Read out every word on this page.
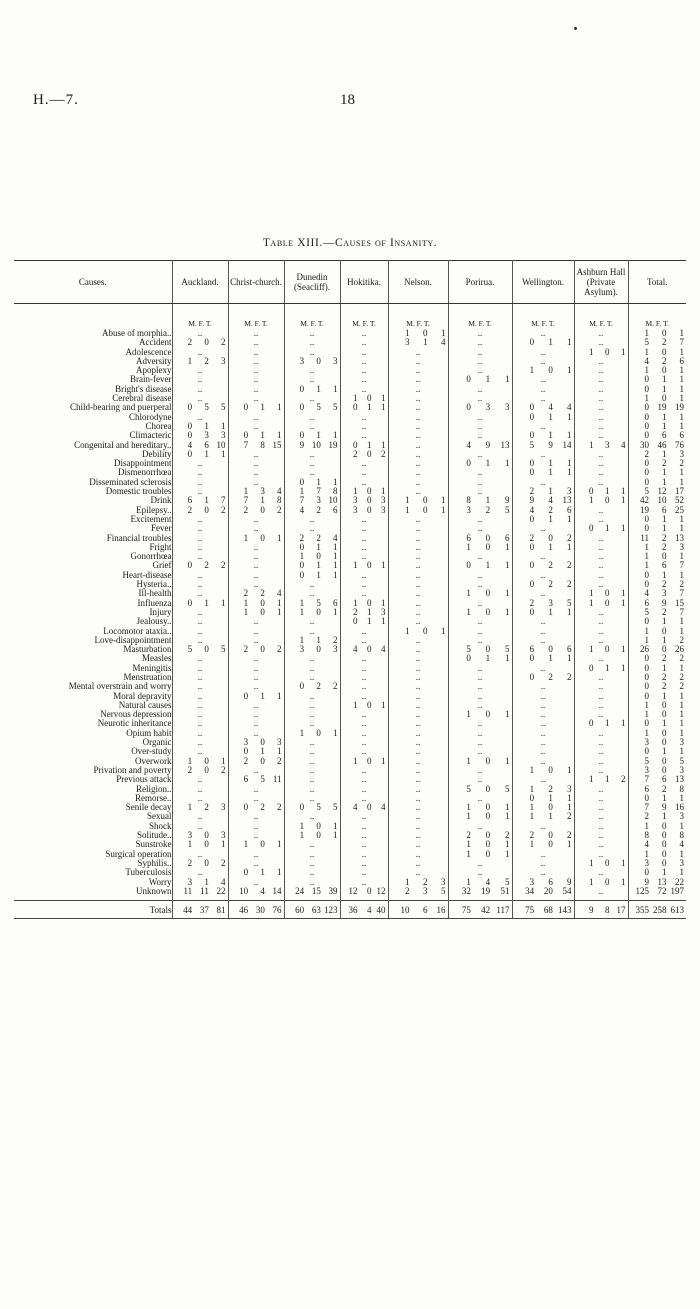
H.—7.	18
Table XIII.—Causes of Insanity.
Causes.	Auckland.	Christ-church.	Dunedin (Seacliff).	Hokitika.	Nelson.	Porirua.	Wellington.	Ashburn Hall (Private Asylum).	Total.
	M. F. T.	M. F. T.	M. F. T.	M. F. T.	M. F. T.	M. F. T.	M. F. T.	M. F. T.	M. F. T.
Abuse of morphia..	..	..	..	..	1 0 1	..	..	..	1 0 1

Accident	2 0 2	..	..	..	3 1 4	..	0 1 1	..	5 2 7

Adolescence	..	..	..	..	..	..	..	1 0 1	1 0 1

Adversity	1 2 3	..	3 0 3	..	..	..	..	..	4 2 6

Apoplexy	..	..	..	..	..	..	1 0 1	..	1 0 1

Brain-fever	..	..	..	..	..	0 1 1	..	..	0 1 1

Bright's disease	..	..	0 1 1	..	..	..	..	..	0 1 1

Cerebral disease	..	..	..	1 0 1	..	..	..	..	1 0 1

Child-bearing and puerperal	0 5 5	0 1 1	0 5 5	0 1 1	..	0 3 3	0 4 4	..	0 19 19

Chlorodyne	..	..	..	..	..	..	0 1 1	..	0 1 1

Chorea	0 1 1	..	..	..	..	..	..	..	0 1 1

Climacteric	0 3 3	0 1 1	0 1 1	..	..	..	0 1 1	..	0 6 6

Congenital and hereditary..	4 6 10	7 8 15	9 10 19	0 1 1	..	4 9 13	5 9 14	1 3 4	30 46 76

Debility	0 1 1	..	..	2 0 2	..	..	..	..	2 1 3

Disappointment	..	..	..	..	..	0 1 1	0 1 1	..	0 2 2

Dismenorrhœa	..	..	..	..	..	..	0 1 1	..	0 1 1

Disseminated sclerosis	..	..	0 1 1	..	..	..	..	..	0 1 1

Domestic troubles	..	1 3 4	1 7 8	1 0 1	..	..	2 1 3	0 1 1	5 12 17

Drink	6 1 7	7 1 8	7 3 10	3 0 3	1 0 1	8 1 9	9 4 13	1 0 1	42 10 52

Epilepsy..	2 0 2	2 0 2	4 2 6	3 0 3	1 0 1	3 2 5	4 2 6	..	19 6 25

Excitement	..	..	..	..	..	..	0 1 1	..	0 1 1

Fever	..	..	..	..	..	..	..	0 1 1	0 1 1

Financial troubles	..	1 0 1	2 2 4	..	..	6 0 6	2 0 2	..	11 2 13

Fright	..	..	0 1 1	..	..	1 0 1	0 1 1	..	1 2 3

Gonorrhœa	..	..	1 0 1	..	..	..	..	..	1 0 1

Grief	0 2 2	..	0 1 1	1 0 1	..	0 1 1	0 2 2	..	1 6 7

Heart-disease	..	..	0 1 1	..	..	..	..	..	0 1 1

Hysteria..	..	..	..	..	..	..	0 2 2	..	0 2 2

Ill-health	..	2 2 4	..	..	..	1 0 1	..	1 0 1	4 3 7

Influenza	0 1 1	1 0 1	1 5 6	1 0 1	..	..	2 3 5	1 0 1	6 9 15

Injury	..	1 0 1	1 0 1	2 1 3	..	1 0 1	0 1 1	..	5 2 7

Jealousy..	..	..	..	0 1 1	..	..	..	..	0 1 1

Locomotor ataxia..	..	..	..	..	1 0 1	..	..	..	1 0 1

Love-disappointment	..	..	1 1 2	..	..	..	..	..	1 1 2

Masturbation	5 0 5	2 0 2	3 0 3	4 0 4	..	5 0 5	6 0 6	1 0 1	26 0 26

Measles	..	..	..	..	..	0 1 1	0 1 1	..	0 2 2

Meningitis	..	..	..	..	..	..	..	0 1 1	0 1 1

Menstruation	..	..	..	..	..	..	0 2 2	..	0 2 2

Mental overstrain and worry	..	..	0 2 2	..	..	..	..	..	0 2 2

Moral depravity	..	0 1 1	..	..	..	..	..	..	0 1 1

Natural causes	..	..	..	1 0 1	..	..	..	..	1 0 1

Nervous depression	..	..	..	..	..	1 0 1	..	..	1 0 1

Neurotic inheritance	..	..	..	..	..	..	..	0 1 1	0 1 1

Opium habit	..	..	1 0 1	..	..	..	..	..	1 0 1

Organic	..	3 0 3	..	..	..	..	..	..	3 0 3

Over-study	..	0 1 1	..	..	..	..	..	..	0 1 1

Overwork	1 0 1	2 0 2	..	1 0 1	..	1 0 1	..	..	5 0 5

Privation and poverty	2 0 2	..	..	..	..	..	1 0 1	..	3 0 3

Previous attack	..	6 5 11	..	..	..	..	..	1 1 2	7 6 13

Religion..	..	..	..	..	..	5 0 5	1 2 3	..	6 2 8

Remorse..	..	..	..	..	..	..	0 1 1	..	0 1 1

Senile decay	1 2 3	0 2 2	0 5 5	4 0 4	..	1 0 1	1 0 1	..	7 9 16

Sexual	..	..	..	..	..	1 0 1	1 1 2	..	2 1 3

Shock	..	..	1 0 1	..	..	..	..	..	1 0 1

Solitude..	3 0 3	..	1 0 1	..	..	2 0 2	2 0 2	..	8 0 8

Sunstroke	1 0 1	1 0 1	..	..	..	1 0 1	1 0 1	..	4 0 4

Surgical operation	..	..	..	..	..	1 0 1	..	..	1 0 1

Syphilis..	2 0 2	..	..	..	..	..	..	1 0 1	3 0 3

Tuberculosis	..	0 1 1	..	..	..	..	..	..	0 1 1

Worry	3 1 4	..	..	..	1 2 3	1 4 5	3 6 9	1 0 1	9 13 22

Unknown	11 11 22	10 4 14	24 15 39	12 0 12	2 3 5	32 19 51	34 20 54	..	125 72 197

Totals	44 37 81	46 30 76	60 63 123	36 4 40	10 6 16	75 42 117	75 68 143	9 8 17	355 258 613
